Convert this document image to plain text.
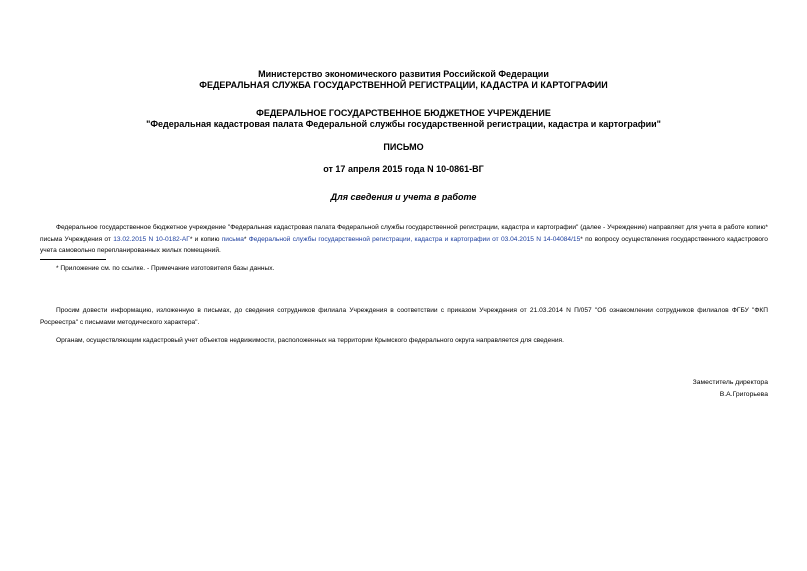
Министерство экономического развития Российской Федерации
ФЕДЕРАЛЬНАЯ СЛУЖБА ГОСУДАРСТВЕННОЙ РЕГИСТРАЦИИ, КАДАСТРА И КАРТОГРАФИИ
ФЕДЕРАЛЬНОЕ ГОСУДАРСТВЕННОЕ БЮДЖЕТНОЕ УЧРЕЖДЕНИЕ
"Федеральная кадастровая палата Федеральной службы государственной регистрации, кадастра и картографии"
ПИСЬМО
от 17 апреля 2015 года N 10-0861-ВГ
Для сведения и учета в работе
Федеральное государственное бюджетное учреждение "Федеральная кадастровая палата Федеральной службы государственной регистрации, кадастра и картографии" (далее - Учреждение) направляет для учета в работе копию* письма Учреждения от 13.02.2015 N 10-0182-АГ* и копию письма* Федеральной службы государственной регистрации, кадастра и картографии от 03.04.2015 N 14-04084/15* по вопросу осуществления государственного кадастрового учета самовольно перепланированных жилых помещений.
* Приложение см. по ссылке. - Примечание изготовителя базы данных.
Просим довести информацию, изложенную в письмах, до сведения сотрудников филиала Учреждения в соответствии с приказом Учреждения от 21.03.2014 N П/057 "Об ознакомлении сотрудников филиалов ФГБУ "ФКП Росреестра" с письмами методического характера".
Органам, осуществляющим кадастровый учет объектов недвижимости, расположенных на территории Крымского федерального округа направляется для сведения.
Заместитель директора
В.А.Григорьева
